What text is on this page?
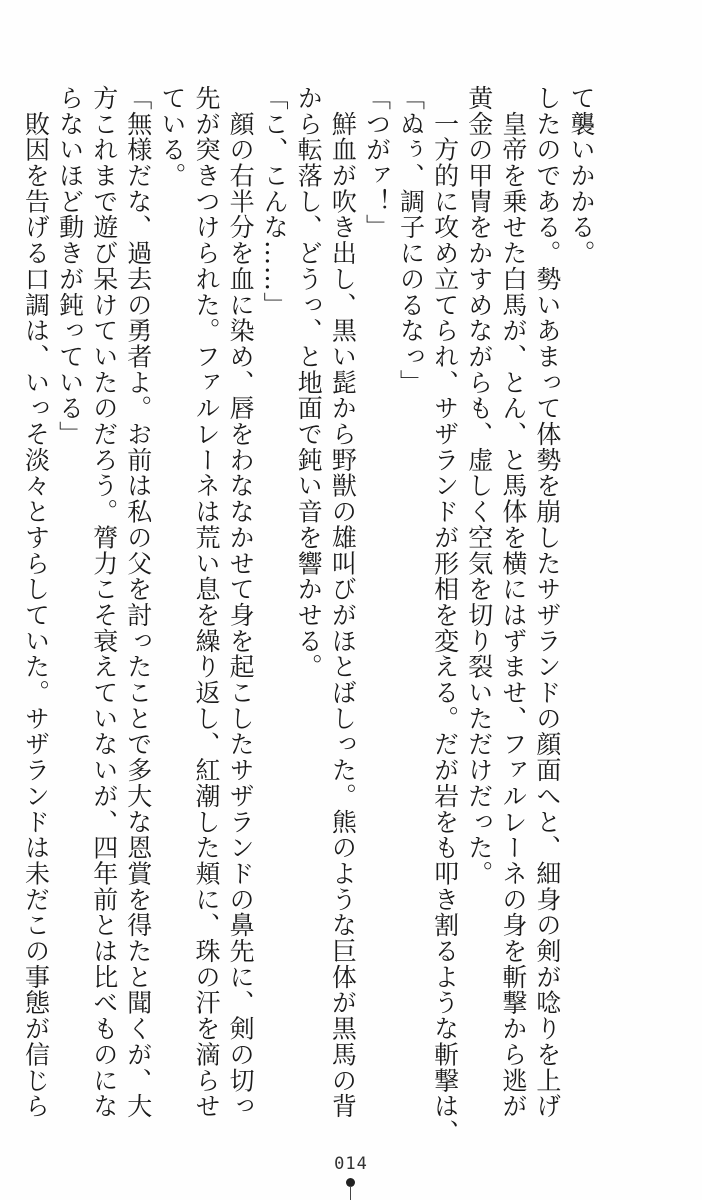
て襲いかかる。
したのである。勢いあまって体勢を崩したサザランドの顔面へと、細身の剣が唸りを上げ
　皇帝を乗せた白馬が、とん、と馬体を横にはずませ、ファルレーネの身を斬撃から逃が
黄金の甲冑をかすめながらも、虚しく空気を切り裂いただけだった。
　一方的に攻め立てられ、サザランドが形相を変える。だが岩をも叩き割るような斬撃は、
「ぬぅ、調子にのるなっ」
「つがァ！」
　鮮血が吹き出し、黒い髭から野獣の雄叫びがほとばしった。熊のような巨体が黒馬の背
から転落し、どうっ、と地面で鈍い音を響かせる。
「こ、こんな……」
　顔の右半分を血に染め、唇をわななかせて身を起こしたサザランドの鼻先に、剣の切っ
先が突きつけられた。ファルレーネは荒い息を繰り返し、紅潮した頬に、珠の汗を滴らせ
ている。
「無様だな、過去の勇者よ。お前は私の父を討ったことで多大な恩賞を得たと聞くが、大
方これまで遊び呆けていたのだろう。膂力こそ衰えていないが、四年前とは比べものにな
らないほど動きが鈍っている」
　敗因を告げる口調は、いっそ淡々とすらしていた。サザランドは未だこの事態が信じら
014
